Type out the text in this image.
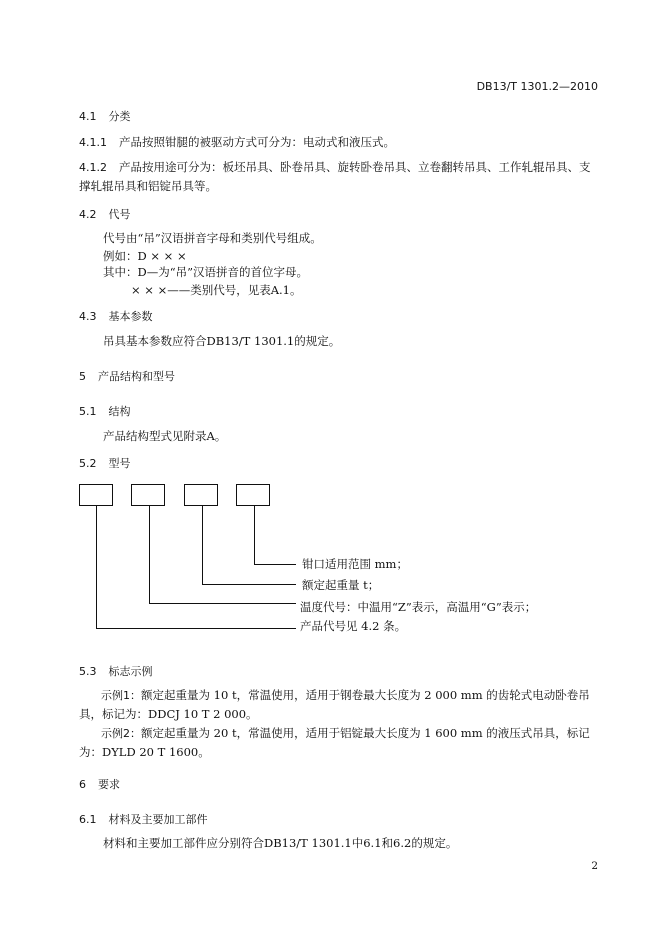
DB13/T 1301.2—2010
4.1 分类
4.1.1 产品按照钳腿的被驱动方式可分为：电动式和液压式。
4.1.2 产品按用途可分为：板坯吊具、卧卷吊具、旋转卧卷吊具、立卷翻转吊具、工作轧辊吊具、支撑轧辊吊具和铝锭吊具等。
4.2 代号
代号由“吊”汉语拼音字母和类别代号组成。
例如：D × × ×
其中：D—为“吊”汉语拼音的首位字母。
× × ×——类别代号，见表A.1。
4.3 基本参数
吊具基本参数应符合DB13/T 1301.1的规定。
5 产品结构和型号
5.1 结构
产品结构型式见附录A。
5.2 型号
钳口适用范围 mm；
额定起重量 t；
温度代号：中温用“Z”表示，高温用“G”表示；
产品代号见 4.2 条。
5.3 标志示例
示例1：额定起重量为 10 t，常温使用，适用于钢卷最大长度为 2 000 mm 的齿轮式电动卧卷吊具，标记为：DDCJ 10 T 2 000。
示例2：额定起重量为 20 t，常温使用，适用于铝锭最大长度为 1 600 mm 的液压式吊具，标记为：DYLD 20 T 1600。
6 要求
6.1 材料及主要加工部件
材料和主要加工部件应分别符合DB13/T 1301.1中6.1和6.2的规定。
2
